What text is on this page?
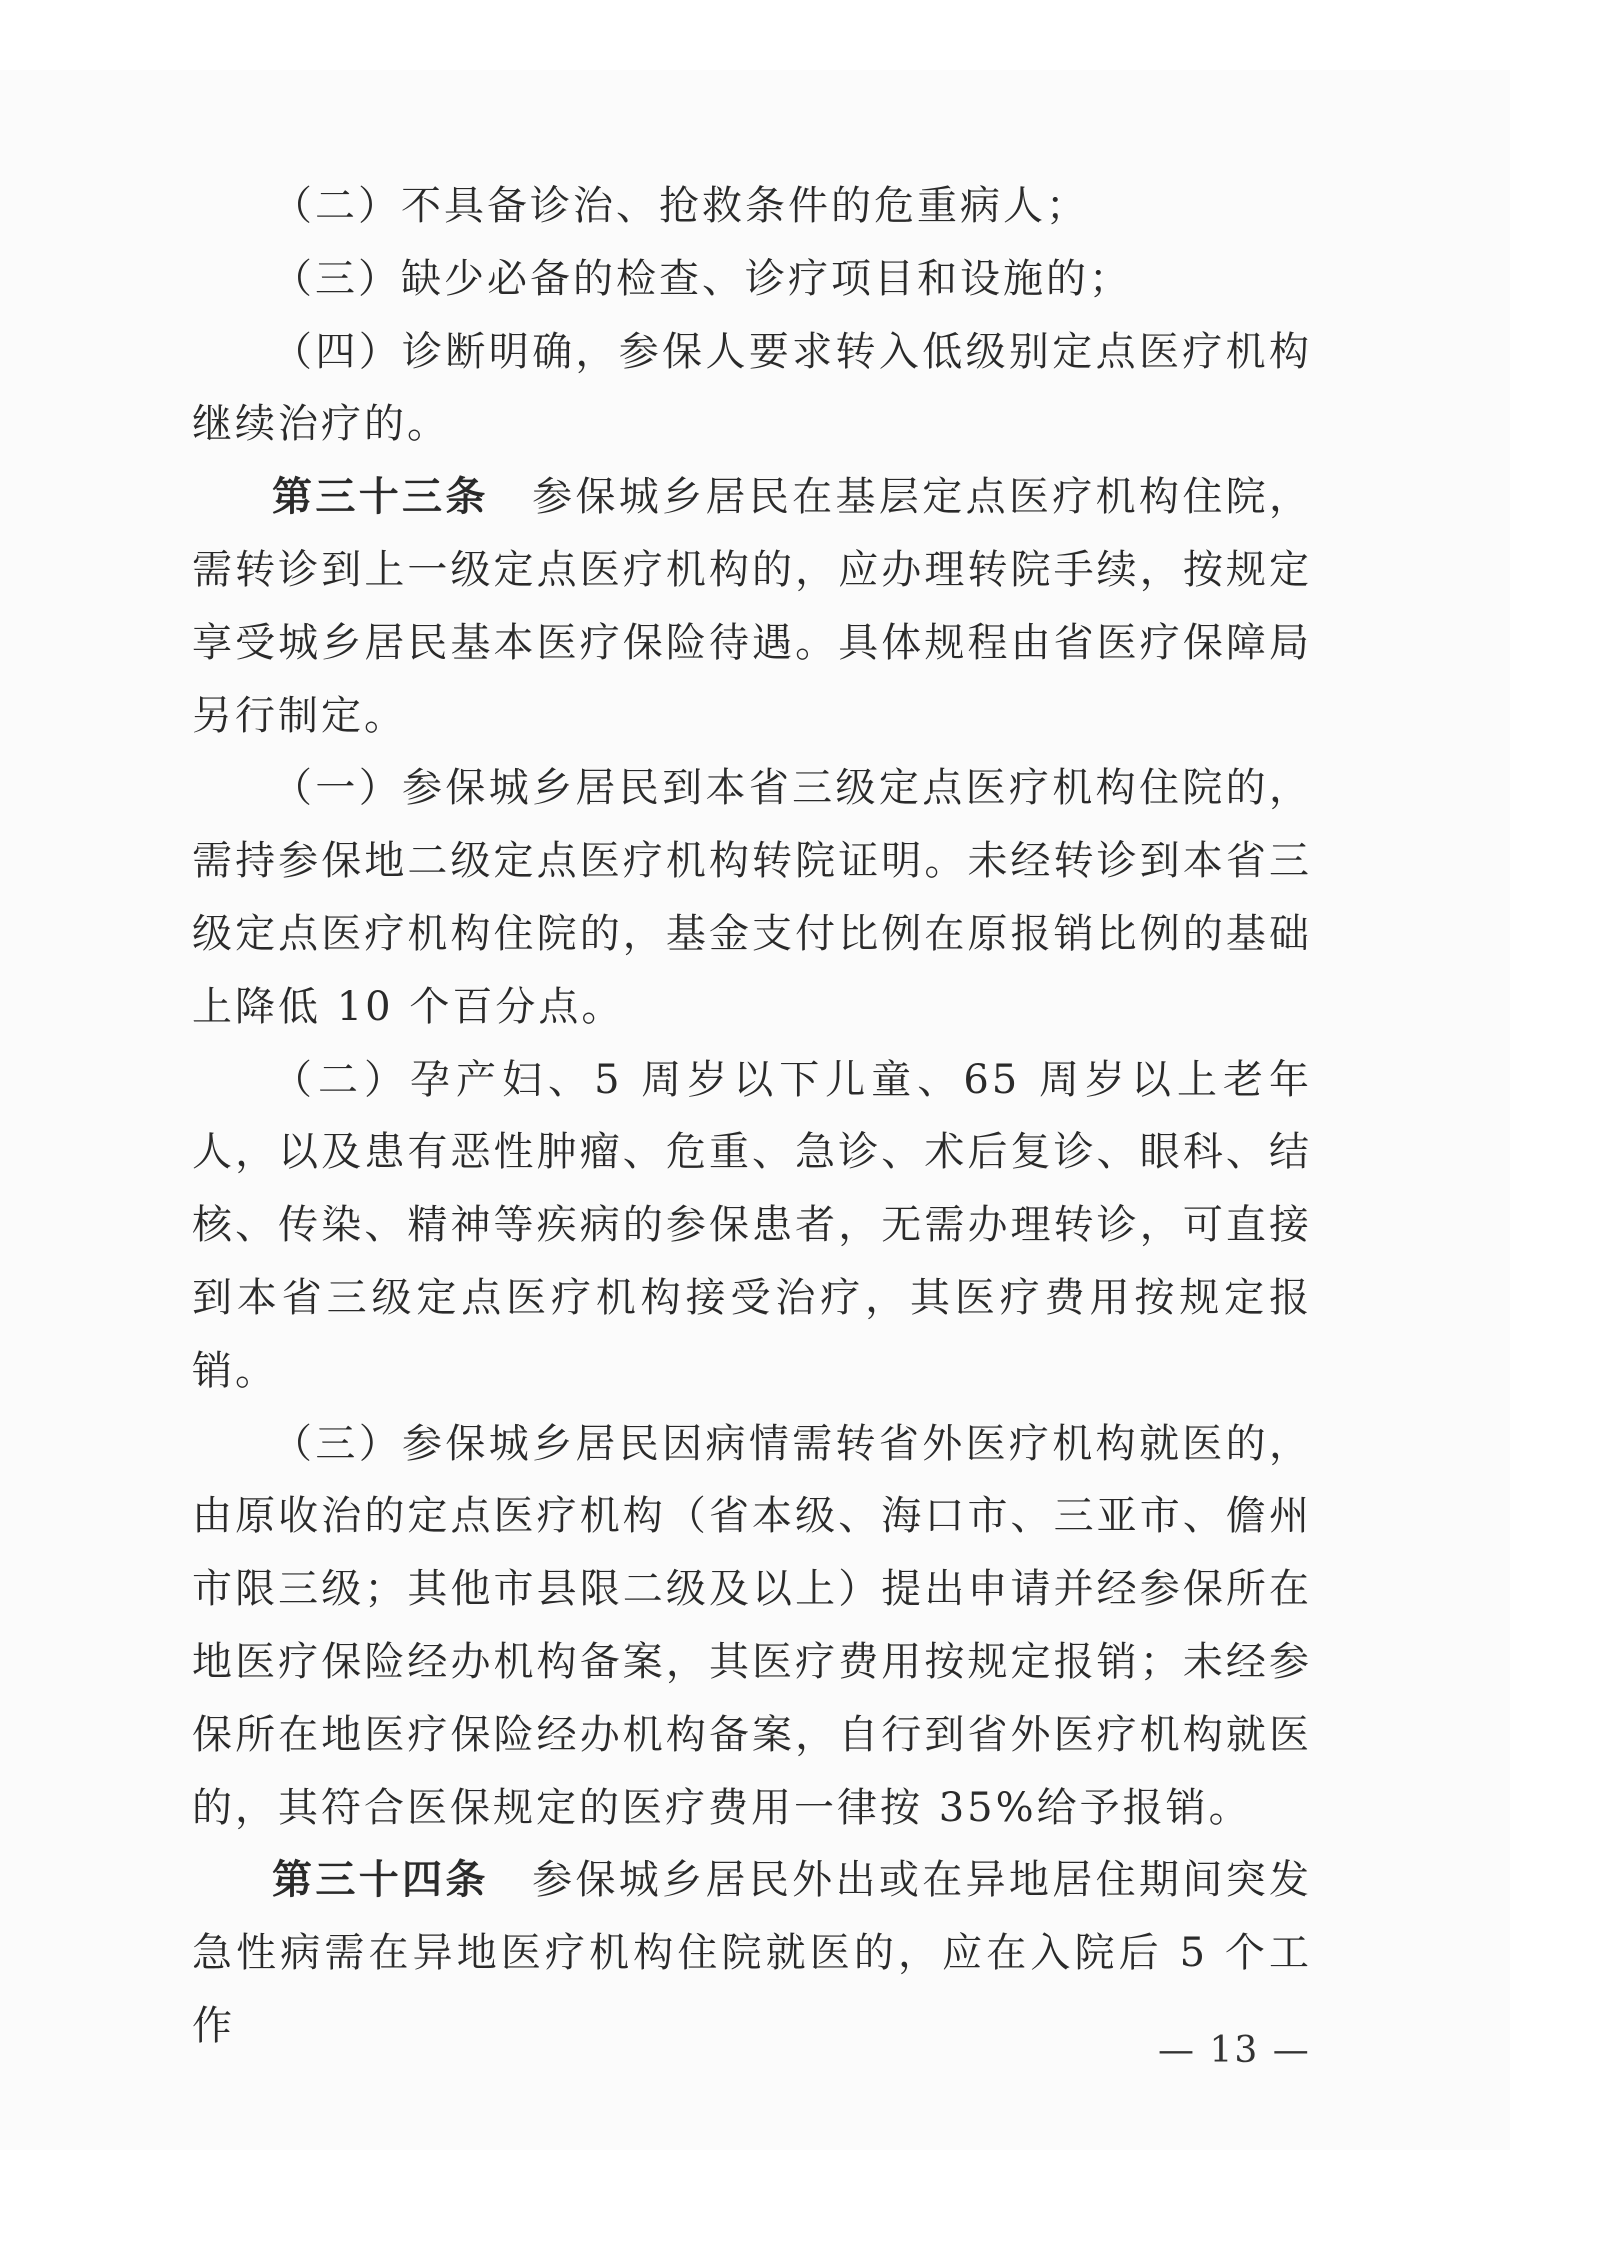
（二）不具备诊治、抢救条件的危重病人；

（三）缺少必备的检查、诊疗项目和设施的；

（四）诊断明确，参保人要求转入低级别定点医疗机构继续治疗的。

第三十三条  参保城乡居民在基层定点医疗机构住院，需转诊到上一级定点医疗机构的，应办理转院手续，按规定享受城乡居民基本医疗保险待遇。具体规程由省医疗保障局另行制定。

（一）参保城乡居民到本省三级定点医疗机构住院的，需持参保地二级定点医疗机构转院证明。未经转诊到本省三级定点医疗机构住院的，基金支付比例在原报销比例的基础上降低 10 个百分点。

（二）孕产妇、5 周岁以下儿童、65 周岁以上老年人，以及患有恶性肿瘤、危重、急诊、术后复诊、眼科、结核、传染、精神等疾病的参保患者，无需办理转诊，可直接到本省三级定点医疗机构接受治疗，其医疗费用按规定报销。

（三）参保城乡居民因病情需转省外医疗机构就医的，由原收治的定点医疗机构（省本级、海口市、三亚市、儋州市限三级；其他市县限二级及以上）提出申请并经参保所在地医疗保险经办机构备案，其医疗费用按规定报销；未经参保所在地医疗保险经办机构备案，自行到省外医疗机构就医的，其符合医保规定的医疗费用一律按 35%给予报销。

第三十四条  参保城乡居民外出或在异地居住期间突发急性病需在异地医疗机构住院就医的，应在入院后 5 个工作

— 13 —
